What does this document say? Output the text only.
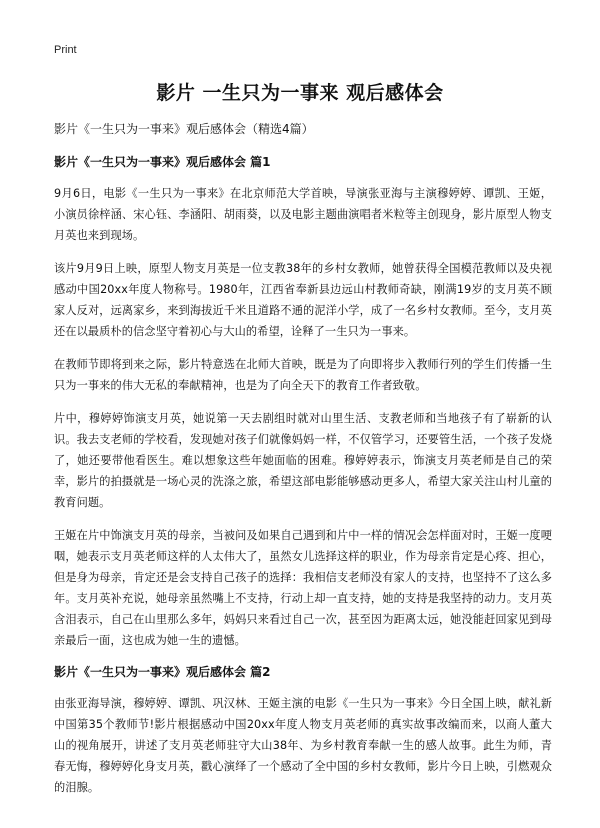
Print
影片 一生只为一事来 观后感体会

影片《一生只为一事来》观后感体会（精选4篇）

影片《一生只为一事来》观后感体会 篇1

9月6日，电影《一生只为一事来》在北京师范大学首映，导演张亚海与主演穆婷婷、谭凯、王姬，小演员徐梓涵、宋心钰、李涵阳、胡雨葵，以及电影主题曲演唱者米粒等主创现身，影片原型人物支月英也来到现场。

该片9月9日上映，原型人物支月英是一位支教38年的乡村女教师，她曾获得全国模范教师以及央视感动中国20xx年度人物称号。1980年，江西省奉新县边远山村教师奇缺，刚满19岁的支月英不顾家人反对，远离家乡，来到海拔近千米且道路不通的泥洋小学，成了一名乡村女教师。至今，支月英还在以最质朴的信念坚守着初心与大山的希望，诠释了一生只为一事来。

在教师节即将到来之际，影片特意选在北师大首映，既是为了向即将步入教师行列的学生们传播一生只为一事来的伟大无私的奉献精神，也是为了向全天下的教育工作者致敬。

片中，穆婷婷饰演支月英，她说第一天去剧组时就对山里生活、支教老师和当地孩子有了崭新的认识。我去支老师的学校看，发现她对孩子们就像妈妈一样，不仅管学习，还要管生活，一个孩子发烧了，她还要带他看医生。难以想象这些年她面临的困难。穆婷婷表示，饰演支月英老师是自己的荣幸，影片的拍摄就是一场心灵的洗涤之旅，希望这部电影能够感动更多人，希望大家关注山村儿童的教育问题。

王姬在片中饰演支月英的母亲，当被问及如果自己遇到和片中一样的情况会怎样面对时，王姬一度哽咽，她表示支月英老师这样的人太伟大了，虽然女儿选择这样的职业，作为母亲肯定是心疼、担心，但是身为母亲，肯定还是会支持自己孩子的选择：我相信支老师没有家人的支持，也坚持不了这么多年。支月英补充说，她母亲虽然嘴上不支持，行动上却一直支持，她的支持是我坚持的动力。支月英含泪表示，自己在山里那么多年，妈妈只来看过自己一次，甚至因为距离太远，她没能赶回家见到母亲最后一面，这也成为她一生的遗憾。

影片《一生只为一事来》观后感体会 篇2

由张亚海导演，穆婷婷、谭凯、巩汉林、王姬主演的电影《一生只为一事来》今日全国上映，献礼新中国第35个教师节!影片根据感动中国20xx年度人物支月英老师的真实故事改编而来，以商人董大山的视角展开，讲述了支月英老师驻守大山38年、为乡村教育奉献一生的感人故事。此生为师，青春无悔，穆婷婷化身支月英，戳心演绎了一个感动了全中国的乡村女教师，影片今日上映，引燃观众的泪腺。
